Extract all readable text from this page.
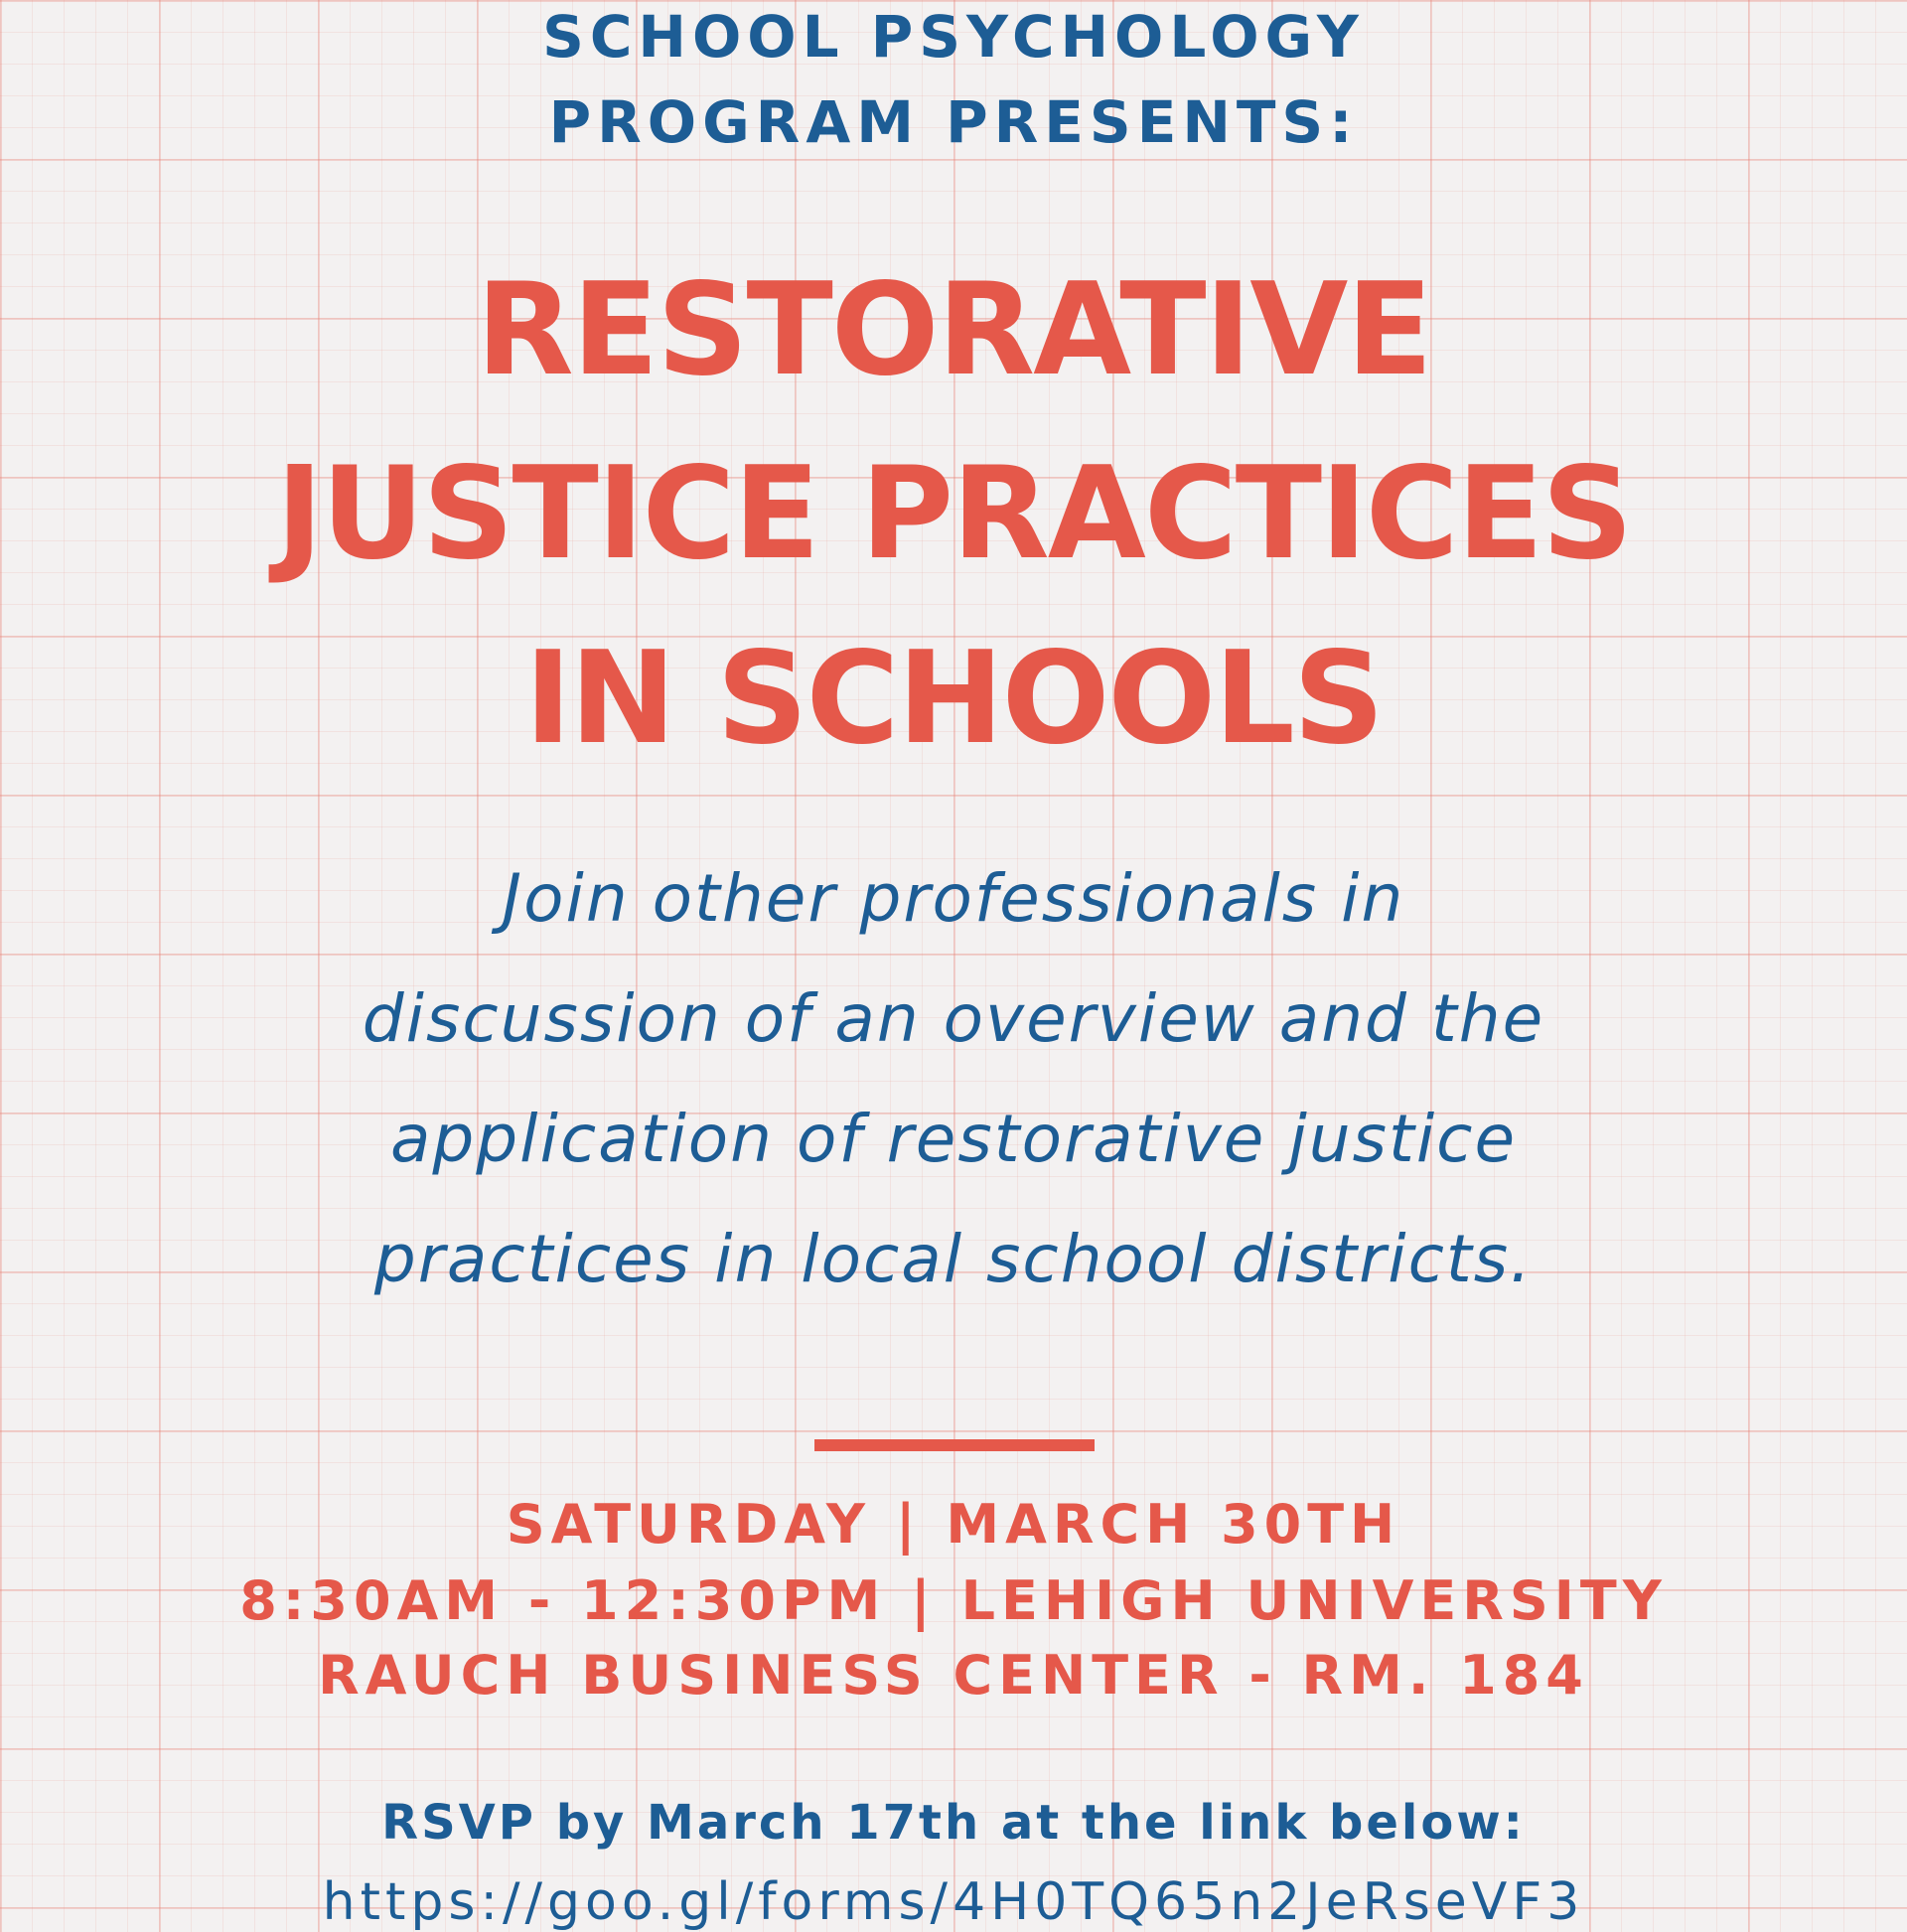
SCHOOL PSYCHOLOGY

PROGRAM PRESENTS:

RESTORATIVE

JUSTICE PRACTICES

IN SCHOOLS

Join other professionals in

discussion of an overview and the

application of restorative justice

practices in local school districts.

SATURDAY | MARCH 30TH

8:30AM - 12:30PM | LEHIGH UNIVERSITY

RAUCH BUSINESS CENTER - RM. 184

RSVP by March 17th at the link below:

https://goo.gl/forms/4H0TQ65n2JeRseVF3
